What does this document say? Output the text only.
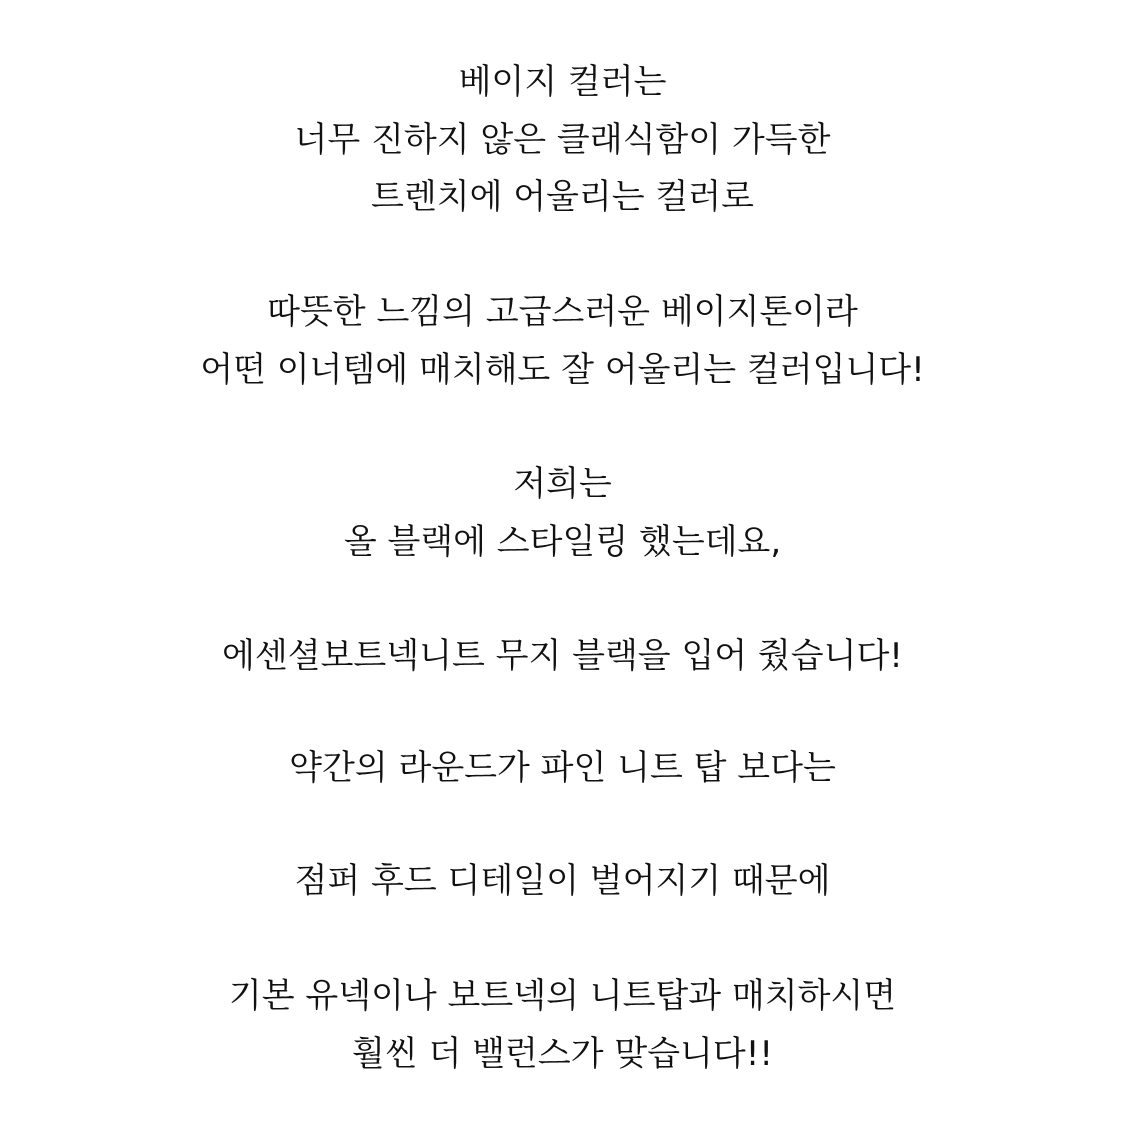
베이지 컬러는
너무 진하지 않은 클래식함이 가득한
트렌치에 어울리는 컬러로
따뜻한 느낌의 고급스러운 베이지톤이라
어떤 이너템에 매치해도 잘 어울리는 컬러입니다!
저희는
올 블랙에 스타일링 했는데요,
에센셜보트넥니트 무지 블랙을 입어 줬습니다!
약간의 라운드가 파인 니트 탑 보다는
점퍼 후드 디테일이 벌어지기 때문에
기본 유넥이나 보트넥의 니트탑과 매치하시면
훨씬 더 밸런스가 맞습니다!!
